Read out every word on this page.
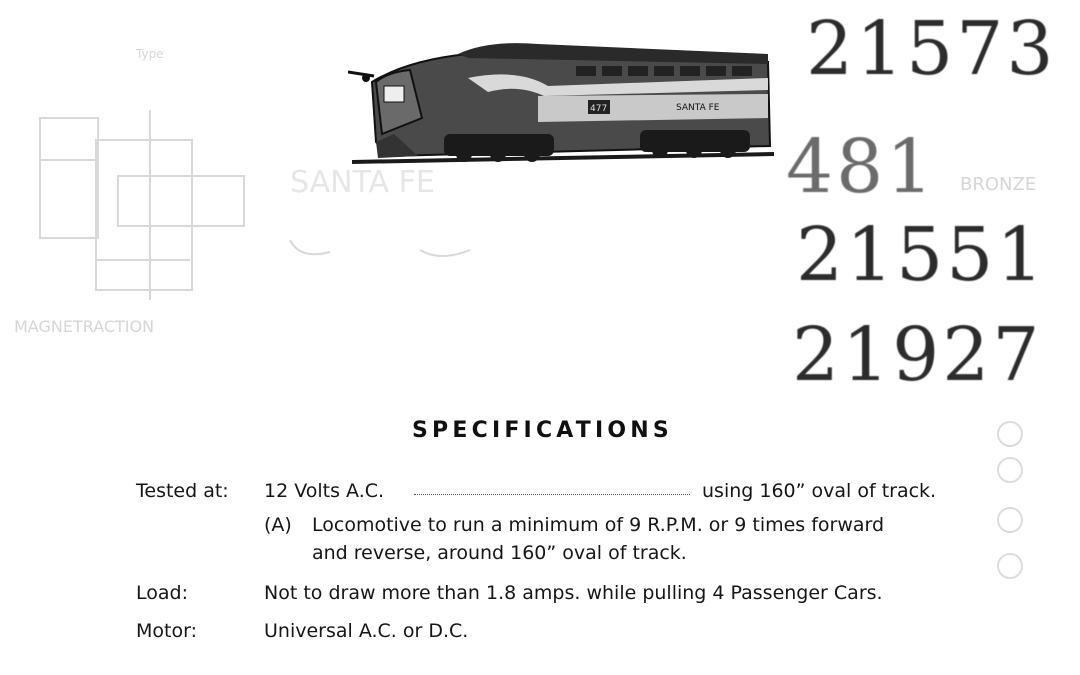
MAGNETRACTION
Type
SANTA FE	BRONZE
477	SANTA FE
21573
481
21551
21927
SPECIFICATIONS
Tested at: 12 Volts A.C.	using 160” oval of track.
(A) Locomotive to run a minimum of 9 R.P.M. or 9 times forward
and reverse, around 160” oval of track.
Load:	Not to draw more than 1.8 amps. while pulling 4 Passenger Cars.
Motor:	Universal A.C. or D.C.
